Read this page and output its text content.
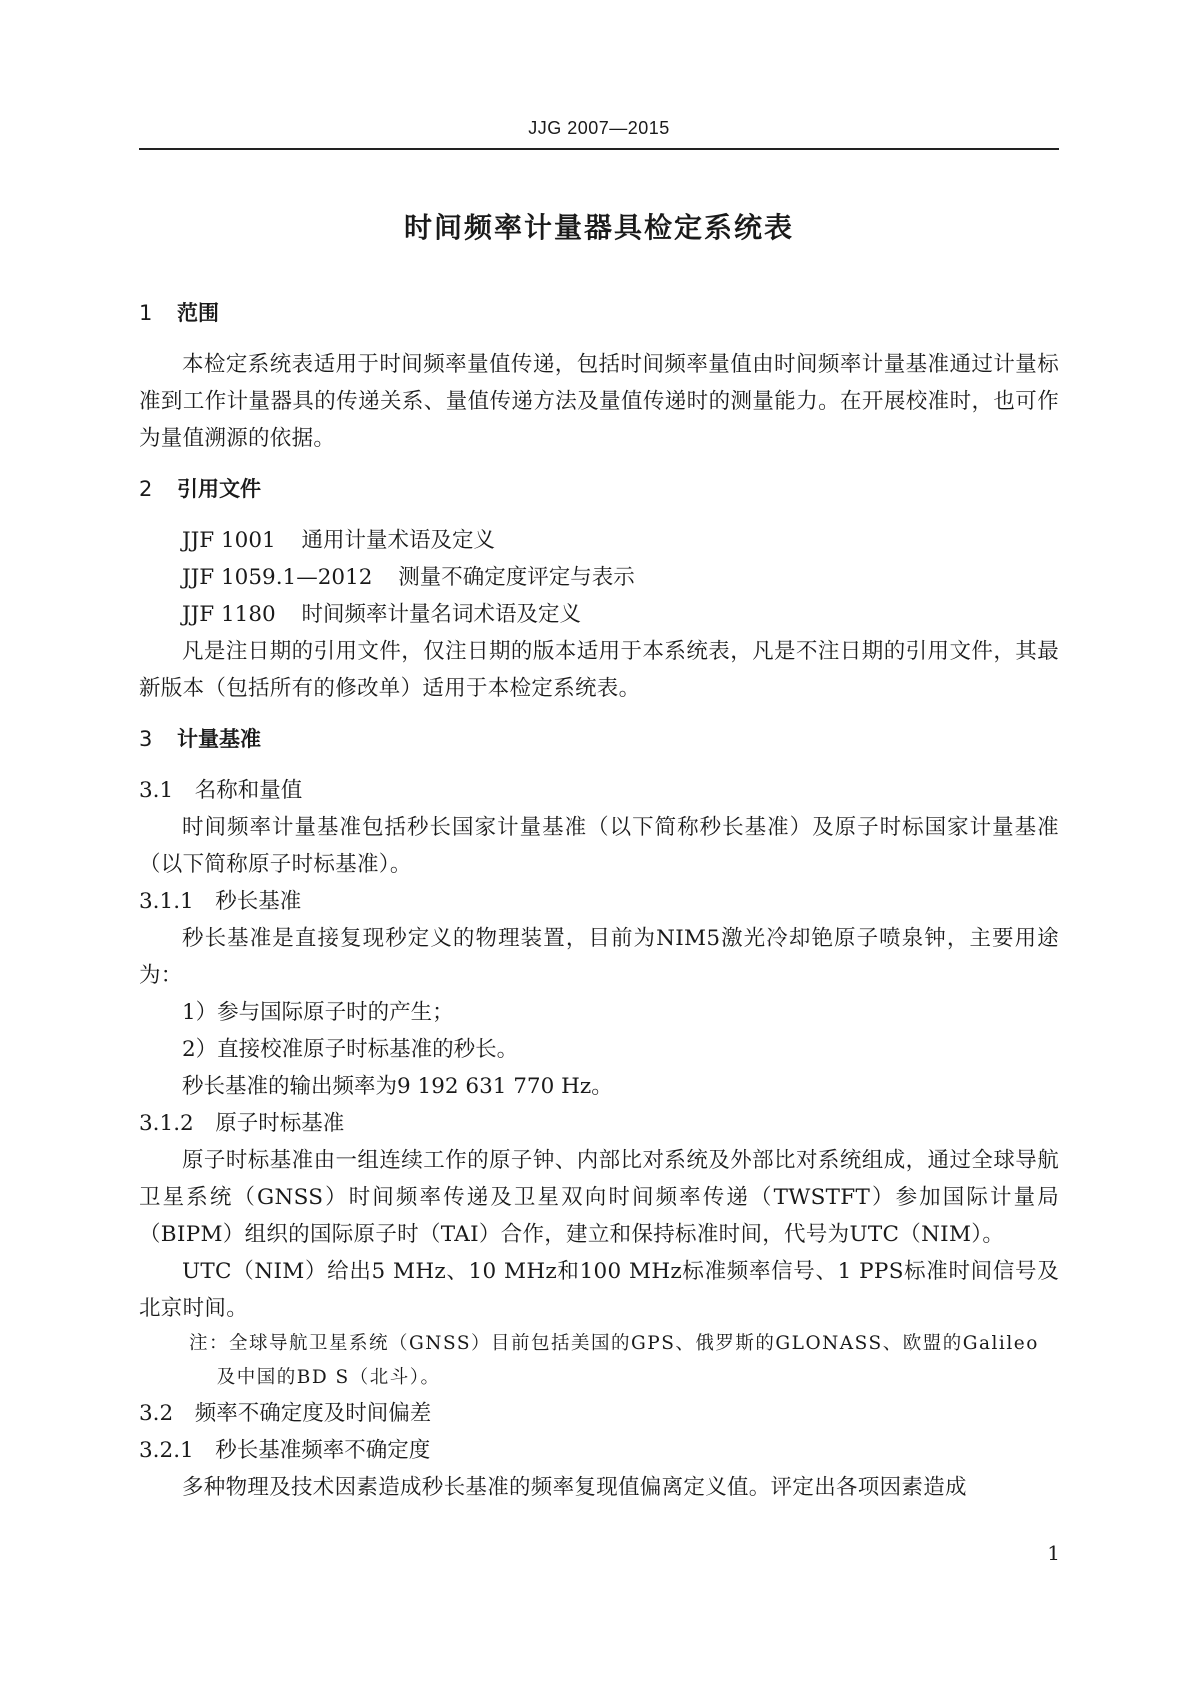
JJG 2007—2015
时间频率计量器具检定系统表

1 范围

本检定系统表适用于时间频率量值传递，包括时间频率量值由时间频率计量基准通过计量标准到工作计量器具的传递关系、量值传递方法及量值传递时的测量能力。在开展校准时，也可作为量值溯源的依据。

2 引用文件

JJF 1001 通用计量术语及定义

JJF 1059.1—2012 测量不确定度评定与表示

JJF 1180 时间频率计量名词术语及定义

凡是注日期的引用文件，仅注日期的版本适用于本系统表，凡是不注日期的引用文件，其最新版本（包括所有的修改单）适用于本检定系统表。

3 计量基准

3.1 名称和量值

时间频率计量基准包括秒长国家计量基准（以下简称秒长基准）及原子时标国家计量基准（以下简称原子时标基准）。

3.1.1 秒长基准

秒长基准是直接复现秒定义的物理装置，目前为NIM5激光冷却铯原子喷泉钟，主要用途为：

1）参与国际原子时的产生；

2）直接校准原子时标基准的秒长。

秒长基准的输出频率为9 192 631 770 Hz。

3.1.2 原子时标基准

原子时标基准由一组连续工作的原子钟、内部比对系统及外部比对系统组成，通过全球导航卫星系统（GNSS）时间频率传递及卫星双向时间频率传递（TWSTFT）参加国际计量局（BIPM）组织的国际原子时（TAI）合作，建立和保持标准时间，代号为UTC（NIM）。

UTC（NIM）给出5 MHz、10 MHz和100 MHz标准频率信号、1 PPS标准时间信号及北京时间。

注：全球导航卫星系统（GNSS）目前包括美国的GPS、俄罗斯的GLONASS、欧盟的Galileo
及中国的BD S（北斗）。

3.2 频率不确定度及时间偏差

3.2.1 秒长基准频率不确定度

多种物理及技术因素造成秒长基准的频率复现值偏离定义值。评定出各项因素造成

1
